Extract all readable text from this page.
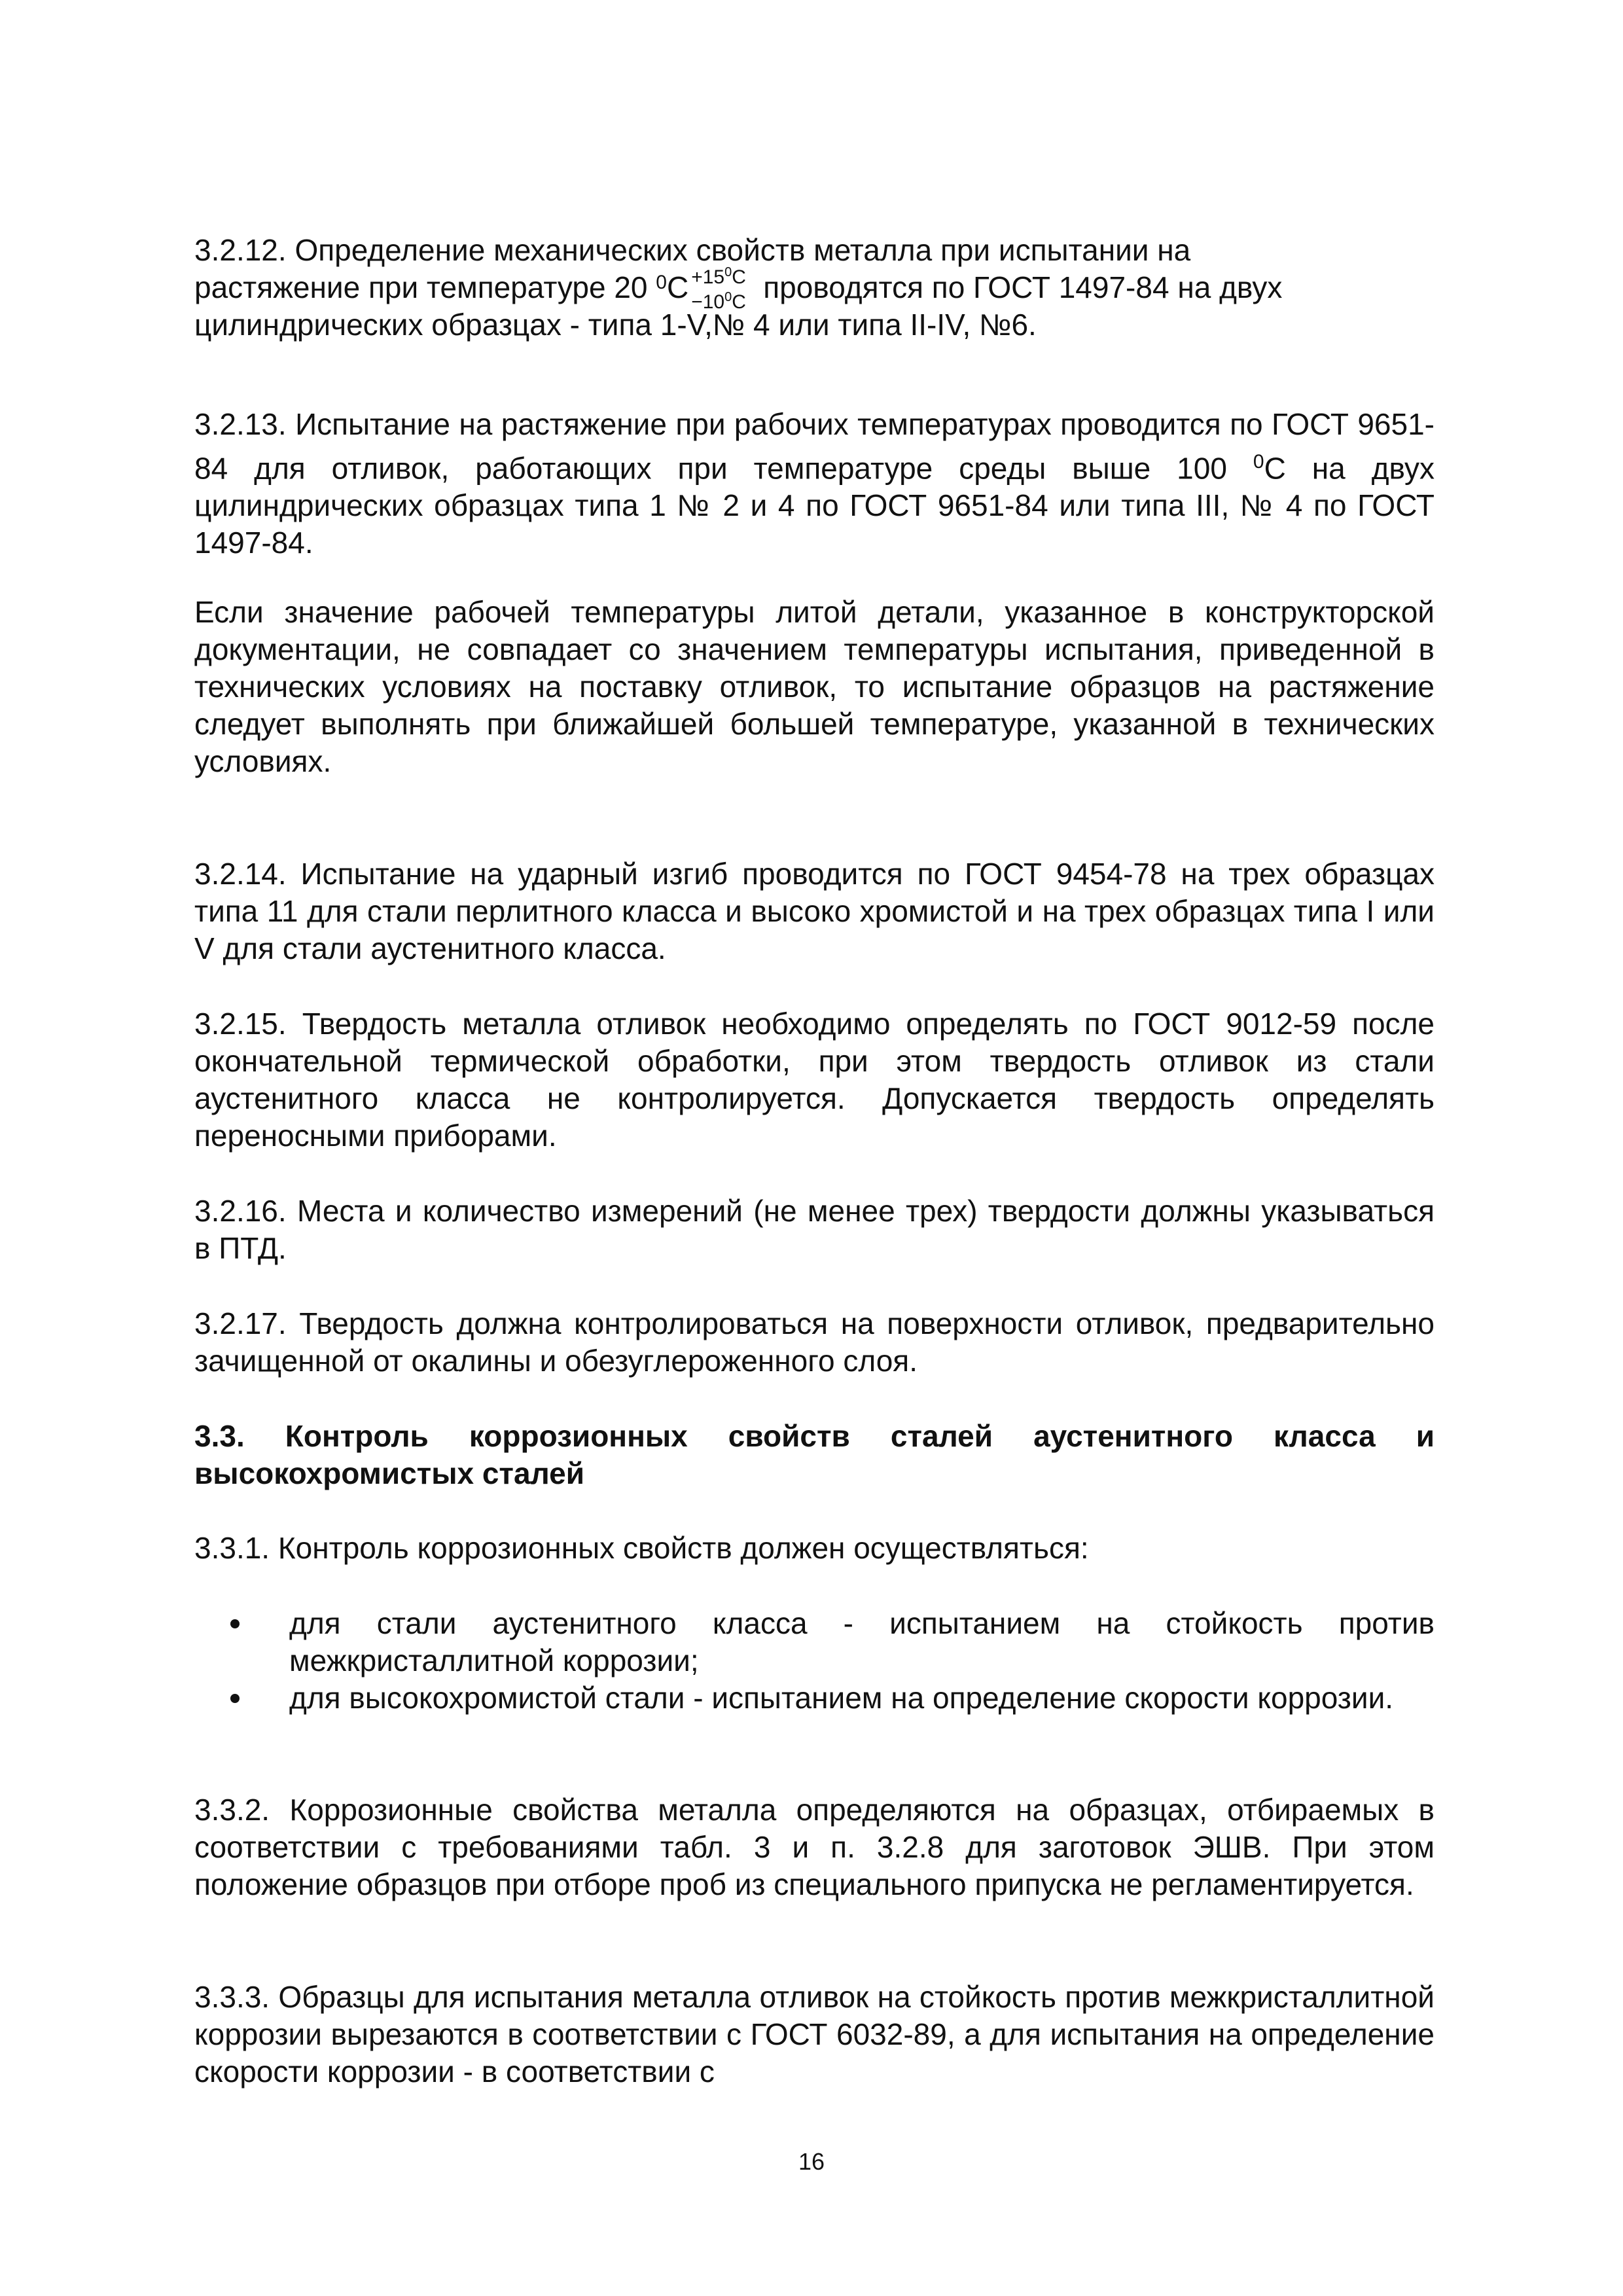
3.2.12. Определение механических свойств металла при испытании на
растяжение при температуре 20 $^0C +15^0C$
$-10^0C$ проводятся по ГОСТ 1497-84 на двух
цилиндрических образцах - типа 1-V,№ 4 или типа II-IV, №6.
3.2.13. Испытание на растяжение при рабочих температурах проводится по ГОСТ 9651-84 для отливок, работающих при температуре среды выше 100 $^0$С на двух цилиндрических образцах типа 1 № 2 и 4 по ГОСТ 9651-84 или типа III, № 4 по ГОСТ 1497-84.
Если значение рабочей температуры литой детали, указанное в конструкторской документации, не совпадает со значением температуры испытания, приведенной в технических условиях на поставку отливок, то испытание образцов на растяжение следует выполнять при ближайшей большей температуре, указанной в технических условиях.
3.2.14. Испытание на ударный изгиб проводится по ГОСТ 9454-78 на трех образцах типа 11 для стали перлитного класса и высоко хромистой и на трех образцах типа I или V для стали аустенитного класса.
3.2.15. Твердость металла отливок необходимо определять по ГОСТ 9012-59 после окончательной термической обработки, при этом твердость отливок из стали аустенитного класса не контролируется. Допускается твердость определять переносными приборами.
3.2.16. Места и количество измерений (не менее трех) твердости должны указываться в ПТД.
3.2.17. Твердость должна контролироваться на поверхности отливок, предварительно зачищенной от окалины и обезуглероженного слоя.
3.3. Контроль коррозионных свойств сталей аустенитного класса и высокохромистых сталей
3.3.1. Контроль коррозионных свойств должен осуществляться:
для стали аустенитного класса - испытанием на стойкость против межкристаллитной коррозии;
для высокохромистой стали - испытанием на определение скорости коррозии.
3.3.2. Коррозионные свойства металла определяются на образцах, отбираемых в соответствии с требованиями табл. 3 и п. 3.2.8 для заготовок ЭШВ. При этом положение образцов при отборе проб из специального припуска не регламентируется.
3.3.3. Образцы для испытания металла отливок на стойкость против межкристаллитной коррозии вырезаются в соответствии с ГОСТ 6032-89, а для испытания на определение скорости коррозии - в соответствии с
16
